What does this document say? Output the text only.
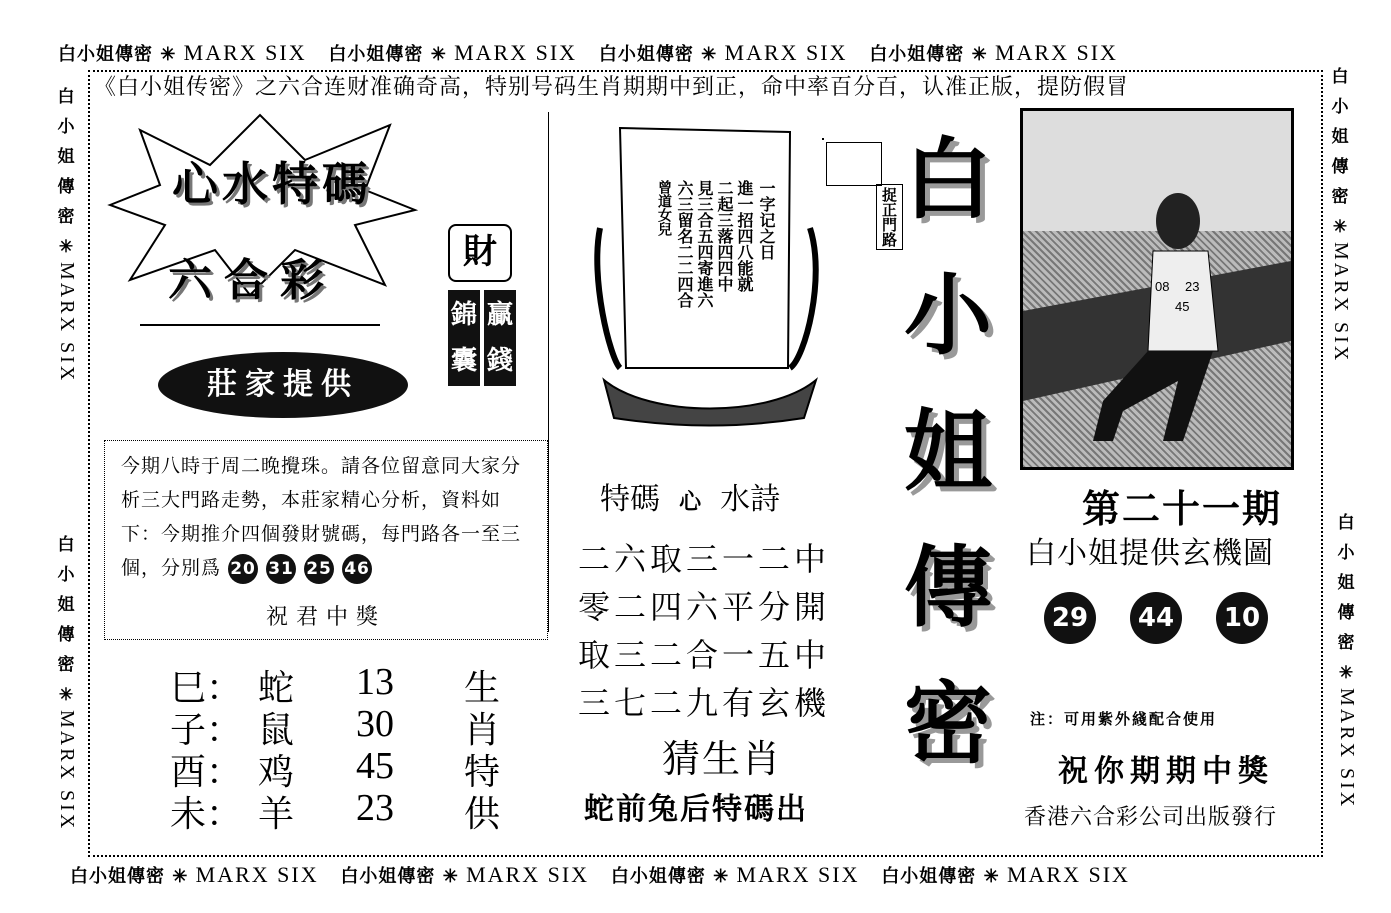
白小姐傳密 ✳ MARX SIX 白小姐傳密 ✳ MARX SIX 白小姐傳密 ✳ MARX SIX 白小姐傳密 ✳ MARX SIX
白小姐傳密 ✳ MARX SIX 白小姐傳密 ✳ MARX SIX 白小姐傳密 ✳ MARX SIX 白小姐傳密 ✳ MARX SIX
白
小
姐
傳
密
✳
MARX SIX
白
小
姐
傳
密
✳
MARX SIX
白
小
姐
傳
密
✳
MARX SIX
白
小
姐
傳
密
✳
MARX SIX
《白小姐传密》之六合连财准确奇高，特别号码生肖期期中到正，命中率百分百，认准正版，提防假冒
心水特碼
六合彩
莊家提供
財
錦囊
贏錢
今期八時于周二晚攪珠。請各位留意同大家分析三大門路走勢，本莊家精心分析，資料如下：今期推介四個發財號碼，每門路各一至三個，分別爲 20 31 25 46
祝君中獎
巳： 蛇 13 生
子： 鼠 30 肖
酉： 鸡 45 特
未： 羊 23 供
捉正門路
一字记之日
進一招四八能就
二起三落四四中
見三合五四寄進六
六三留名二二四合
曾道女兒
特碼 心 水詩
二六取三一二中
零二四六平分開
取三二合一五中
三七二九有玄機
猜生肖
蛇前兔后特碼出
白
小
姐
傳
密
08 23
45
第二十一期
白小姐提供玄機圖
29	44	10
注：可用紫外綫配合使用
祝你期期中獎
香港六合彩公司出版發行
